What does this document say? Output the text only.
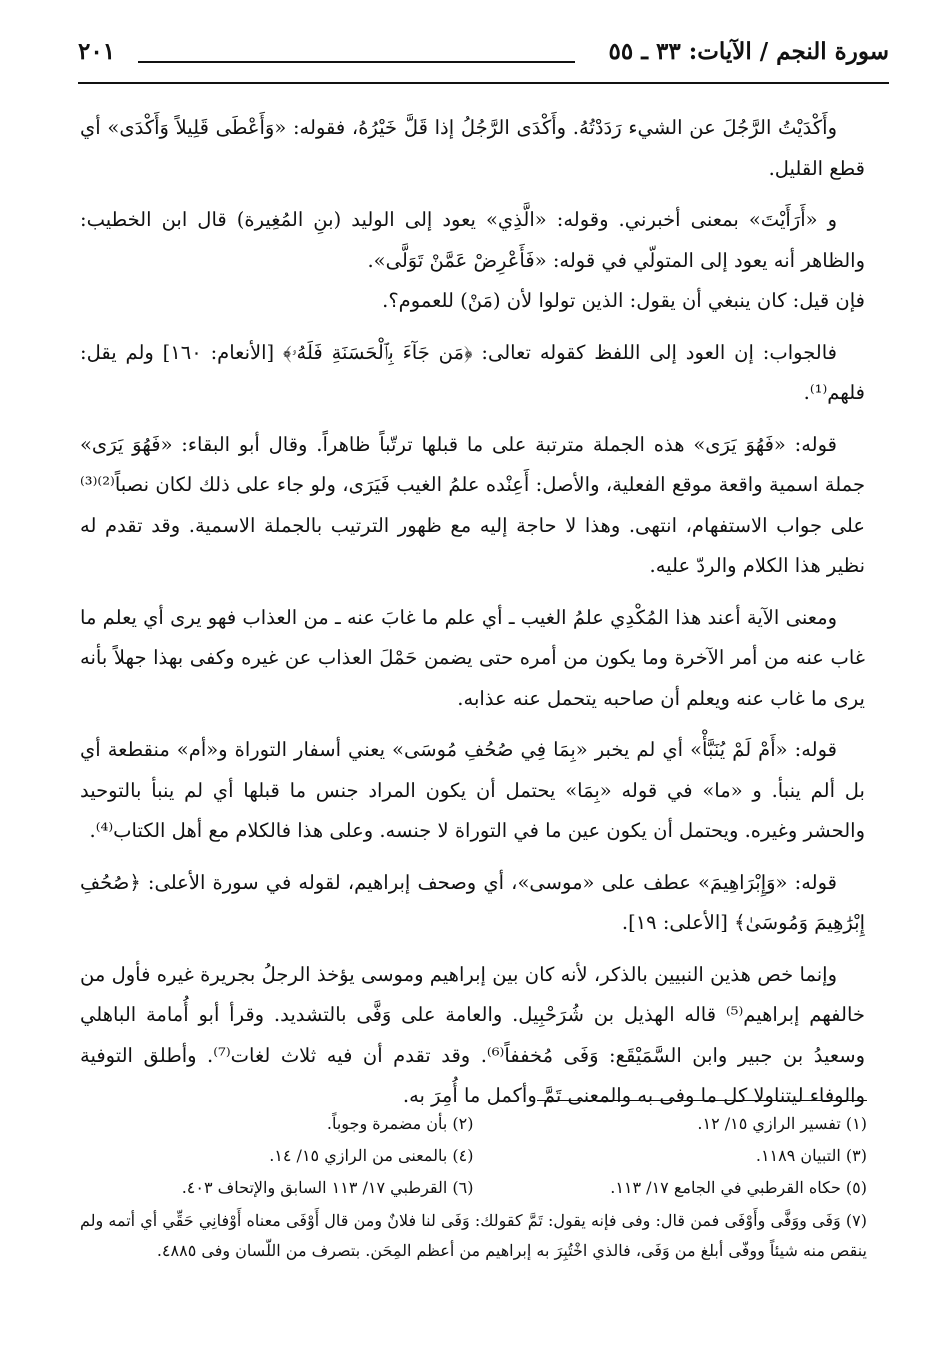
سورة النجم / الآيات: ٣٣ ـ ٥٥
٢٠١

وأَكْدَيْتُ الرَّجُلَ عن الشيء رَدَدْتُهُ. وأَكْدَى الرَّجُلُ إذا قَلَّ خَيْرُهُ، فقوله: «وَأَعْطَى قَلِيلاً وَأَكْدَى» أي قطع القليل.

و «أَرَأَيْتَ» بمعنى أخبرني. وقوله: «الَّذِي» يعود إلى الوليد (بنِ المُغِيرة) قال ابن الخطيب: والظاهر أنه يعود إلى المتولّي في قوله: «فَأَعْرِضْ عَمَّنْ تَوَلَّى».
فإن قيل: كان ينبغي أن يقول: الذين تولوا لأن (مَنْ) للعموم؟.

فالجواب: إن العود إلى اللفظ كقوله تعالى: ﴿مَن جَآءَ بِٱلْحَسَنَةِ فَلَهُۥ﴾ [الأنعام: ١٦٠] ولم يقل: فلهم⁽¹⁾.

قوله: «فَهُوَ يَرَى» هذه الجملة مترتبة على ما قبلها ترتّباً ظاهراً. وقال أبو البقاء: «فَهُوَ يَرَى» جملة اسمية واقعة موقع الفعلية، والأصل: أَعِنْده علمُ الغيب فَيَرَى، ولو جاء على ذلك لكان نصباً⁽²⁾⁽³⁾ على جواب الاستفهام، انتهى. وهذا لا حاجة إليه مع ظهور الترتيب بالجملة الاسمية. وقد تقدم له نظير هذا الكلام والردّ عليه.

ومعنى الآية أعند هذا المُكْدِي علمُ الغيب ـ أي علم ما غابَ عنه ـ من العذاب فهو يرى أي يعلم ما غاب عنه من أمر الآخرة وما يكون من أمره حتى يضمن حَمْلَ العذاب عن غيره وكفى بهذا جهلاً بأنه يرى ما غاب عنه ويعلم أن صاحبه يتحمل عنه عذابه.

قوله: «أَمْ لَمْ يُنَبَّأْ» أي لم يخبر «بِمَا فِي صُحُفِ مُوسَى» يعني أسفار التوراة و«أم» منقطعة أي بل ألم ينبأ. و «ما» في قوله «بِمَا» يحتمل أن يكون المراد جنس ما قبلها أي لم ينبأ بالتوحيد والحشر وغيره. ويحتمل أن يكون عين ما في التوراة لا جنسه. وعلى هذا فالكلام مع أهل الكتاب⁽⁴⁾.

قوله: «وَإِبْرَاهِيمَ» عطف على «موسى»، أي وصحف إبراهيم، لقوله في سورة الأعلى: ﴿صُحُفِ إِبْرَٰهِيمَ وَمُوسَىٰ﴾ [الأعلى: ١٩].

وإنما خص هذين النبيين بالذكر، لأنه كان بين إبراهيم وموسى يؤخذ الرجلُ بجريرة غيره فأول من خالفهم إبراهيم⁽⁵⁾ قاله الهذيل بن شُرَحْبِيل. والعامة على وَفَّى بالتشديد. وقرأ أبو أُمامة الباهلي وسعيدُ بن جبير وابن السَّمَيْقَع: وَفَى مُخففاً⁽⁶⁾. وقد تقدم أن فيه ثلاث لغات⁽⁷⁾. وأطلق التوفية والوفاء ليتناولا كل ما وفى به والمعنى تَمَّ وأكمل ما أُمِرَ به.

(١) تفسير الرازي ١٥/ ١٢.
(٢) بأن مضمرة وجوباً.
(٣) التبيان ١١٨٩.
(٤) بالمعنى من الرازي ١٥/ ١٤.
(٥) حكاه القرطبي في الجامع ١٧/ ١١٣.
(٦) القرطبي ١٧/ ١١٣ السابق والإتحاف ٤٠٣.
(٧) وَفَى ووَفَّى وأَوْفَى فمن قال: وفى فإنه يقول: تَمَّ كقولك: وَفَى لنا فلانٌ ومن قال أَوْفَى معناه أَوْفانِي حَقِّي أي أتمه ولم ينقص منه شيئاً ووفّى أبلغ من وَفَى، فالذي اخْتُبِرَ به إبراهيم من أعظم المِحَن. بتصرف من اللّسان وفى ٤٨٨٥.
